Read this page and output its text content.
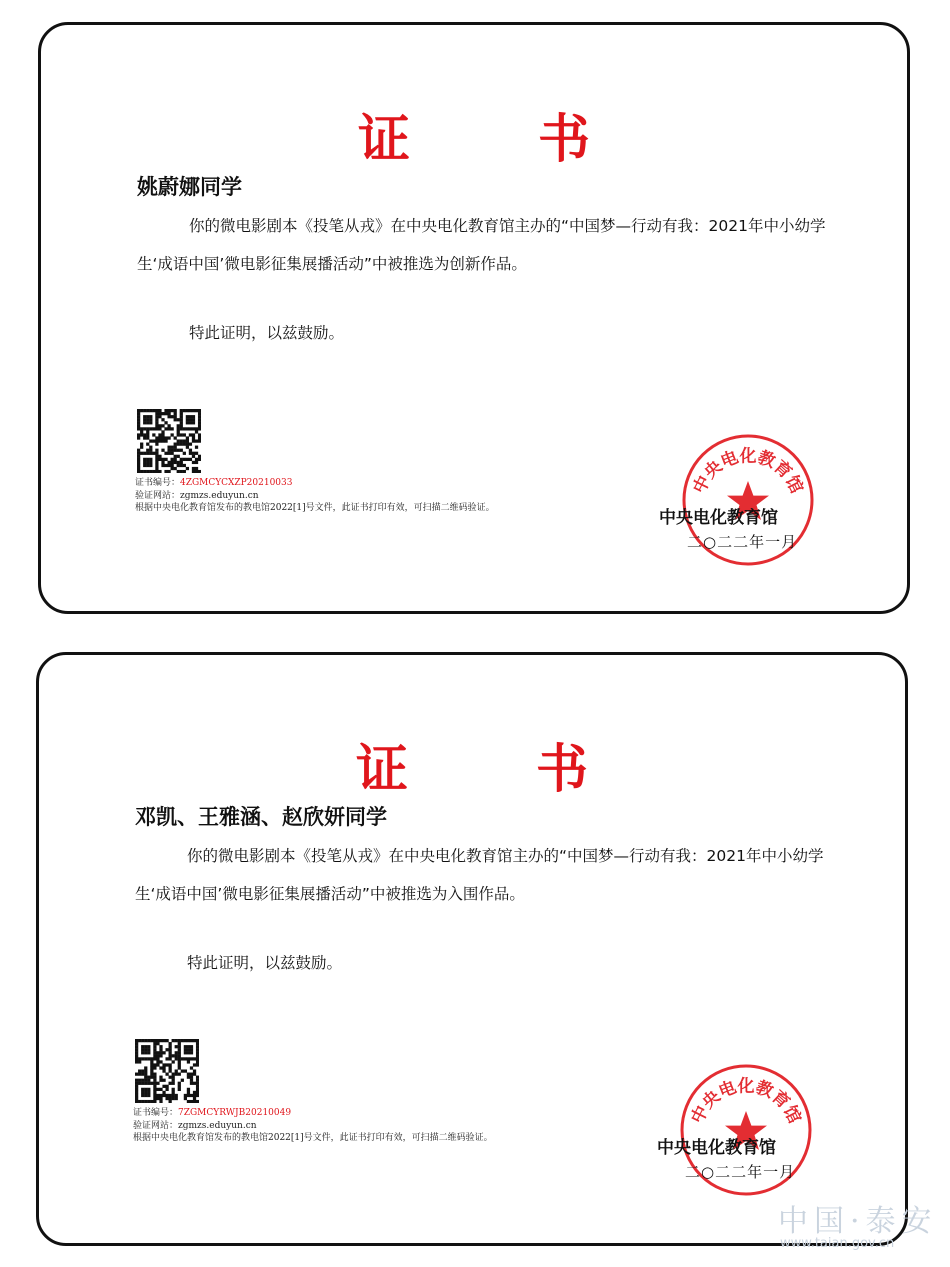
证　书
姚蔚娜同学
你的微电影剧本《投笔从戎》在中央电化教育馆主办的“中国梦—行动有我：2021年中小幼学生‘成语中国’微电影征集展播活动”中被推选为创新作品。
特此证明，以兹鼓励。
证书编号：4ZGMCYCXZP20210033
验证网站：zgmzs.eduyun.cn
根据中央电化教育馆发布的教电馆2022[1]号文件，此证书打印有效，可扫描二维码验证。
中央电化教育馆
中央电化教育馆
二○二二年一月
证　书
邓凯、王雅涵、赵欣妍同学
你的微电影剧本《投笔从戎》在中央电化教育馆主办的“中国梦—行动有我：2021年中小幼学生‘成语中国’微电影征集展播活动”中被推选为入围作品。
特此证明，以兹鼓励。
证书编号：7ZGMCYRWJB20210049
验证网站：zgmzs.eduyun.cn
根据中央电化教育馆发布的教电馆2022[1]号文件，此证书打印有效，可扫描二维码验证。
中央电化教育馆
中央电化教育馆
二○二二年一月
中国·泰安
www.taian.gov.cn
